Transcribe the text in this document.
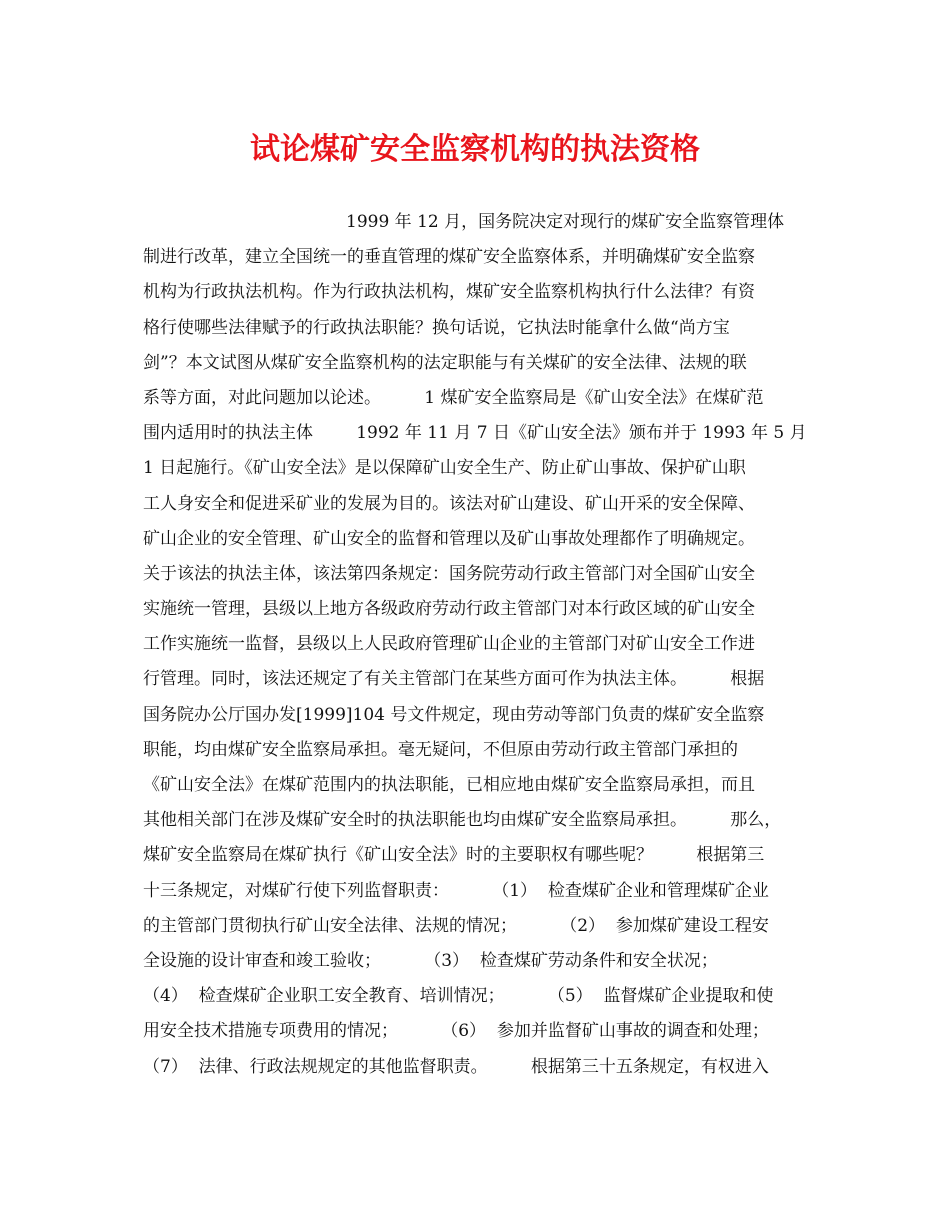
试论煤矿安全监察机构的执法资格
1999 年 12 月，国务院决定对现行的煤矿安全监察管理体
制进行改革，建立全国统一的垂直管理的煤矿安全监察体系，并明确煤矿安全监察
机构为行政执法机构。作为行政执法机构，煤矿安全监察机构执行什么法律？有资
格行使哪些法律赋予的行政执法职能？换句话说，它执法时能拿什么做“尚方宝
剑”？本文试图从煤矿安全监察机构的法定职能与有关煤矿的安全法律、法规的联
系等方面，对此问题加以论述。        1 煤矿安全监察局是《矿山安全法》在煤矿范
围内适用时的执法主体        1992 年 11 月 7 日《矿山安全法》颁布并于 1993 年 5 月
1 日起施行。《矿山安全法》是以保障矿山安全生产、防止矿山事故、保护矿山职
工人身安全和促进采矿业的发展为目的。该法对矿山建设、矿山开采的安全保障、
矿山企业的安全管理、矿山安全的监督和管理以及矿山事故处理都作了明确规定。
关于该法的执法主体，该法第四条规定：国务院劳动行政主管部门对全国矿山安全
实施统一管理，县级以上地方各级政府劳动行政主管部门对本行政区域的矿山安全
工作实施统一监督，县级以上人民政府管理矿山企业的主管部门对矿山安全工作进
行管理。同时，该法还规定了有关主管部门在某些方面可作为执法主体。        根据
国务院办公厅国办发[1999]104 号文件规定，现由劳动等部门负责的煤矿安全监察
职能，均由煤矿安全监察局承担。毫无疑问，不但原由劳动行政主管部门承担的
《矿山安全法》在煤矿范围内的执法职能，已相应地由煤矿安全监察局承担，而且
其他相关部门在涉及煤矿安全时的执法职能也均由煤矿安全监察局承担。        那么，
煤矿安全监察局在煤矿执行《矿山安全法》时的主要职权有哪些呢？        根据第三
十三条规定，对煤矿行使下列监督职责：        （1）  检查煤矿企业和管理煤矿企业
的主管部门贯彻执行矿山安全法律、法规的情况；        （2）  参加煤矿建设工程安
全设施的设计审查和竣工验收；        （3）  检查煤矿劳动条件和安全状况；
（4）  检查煤矿企业职工安全教育、培训情况；        （5）  监督煤矿企业提取和使
用安全技术措施专项费用的情况；        （6）  参加并监督矿山事故的调查和处理；
（7）  法律、行政法规规定的其他监督职责。        根据第三十五条规定，有权进入
